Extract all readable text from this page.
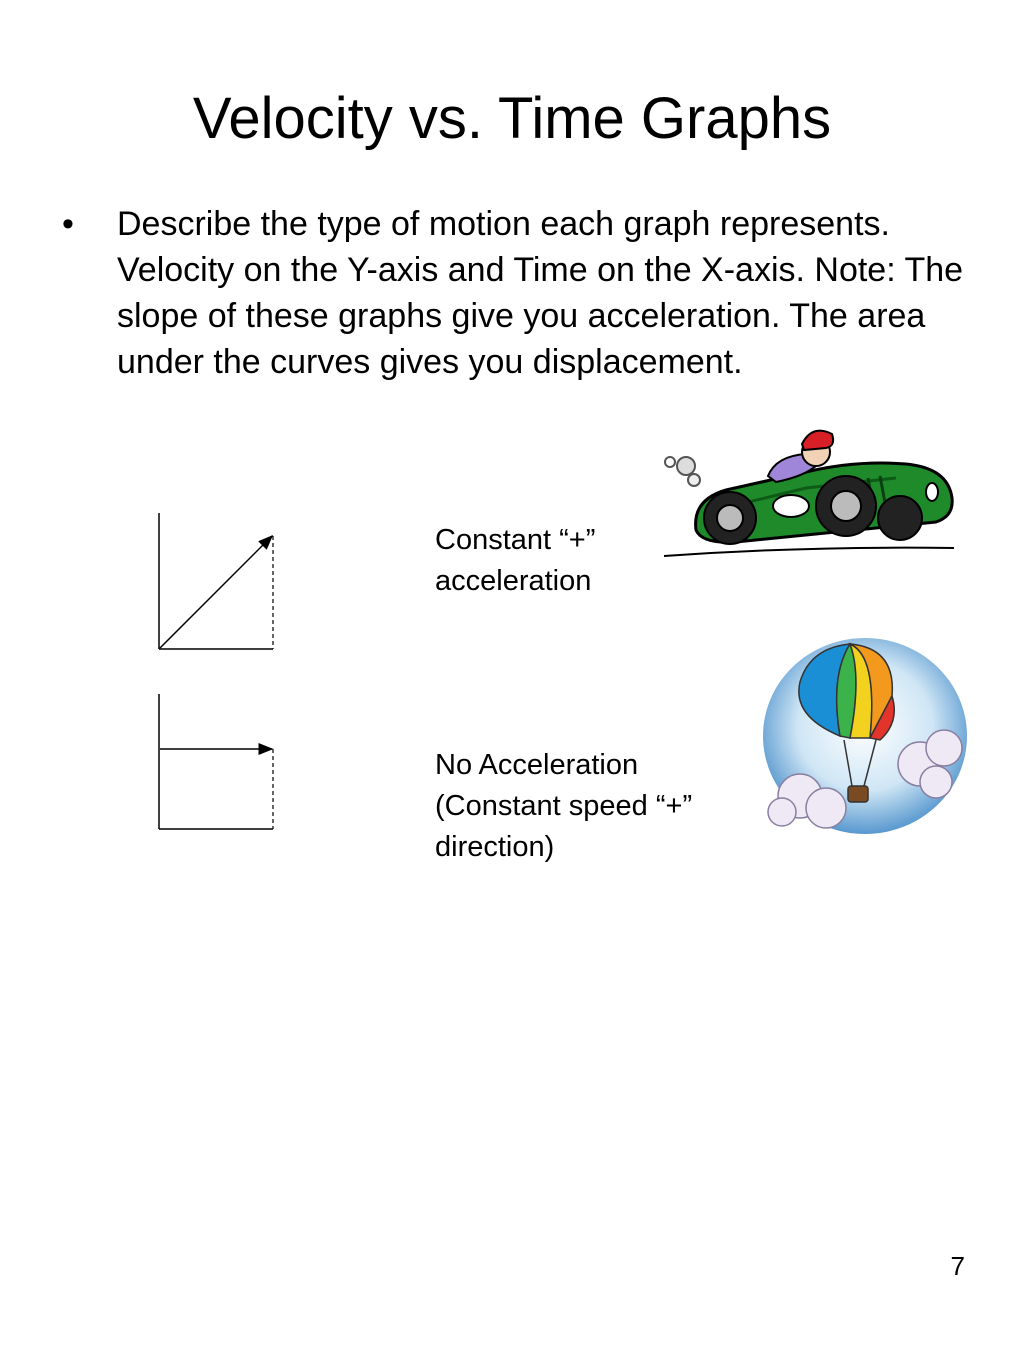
Velocity vs. Time Graphs
• Describe the type of motion each graph represents. Velocity on the Y-axis and Time on the X-axis. Note: The slope of these graphs give you acceleration. The area under the curves gives you displacement.
Constant “+”
acceleration
No Acceleration
(Constant speed “+”
direction)
7
